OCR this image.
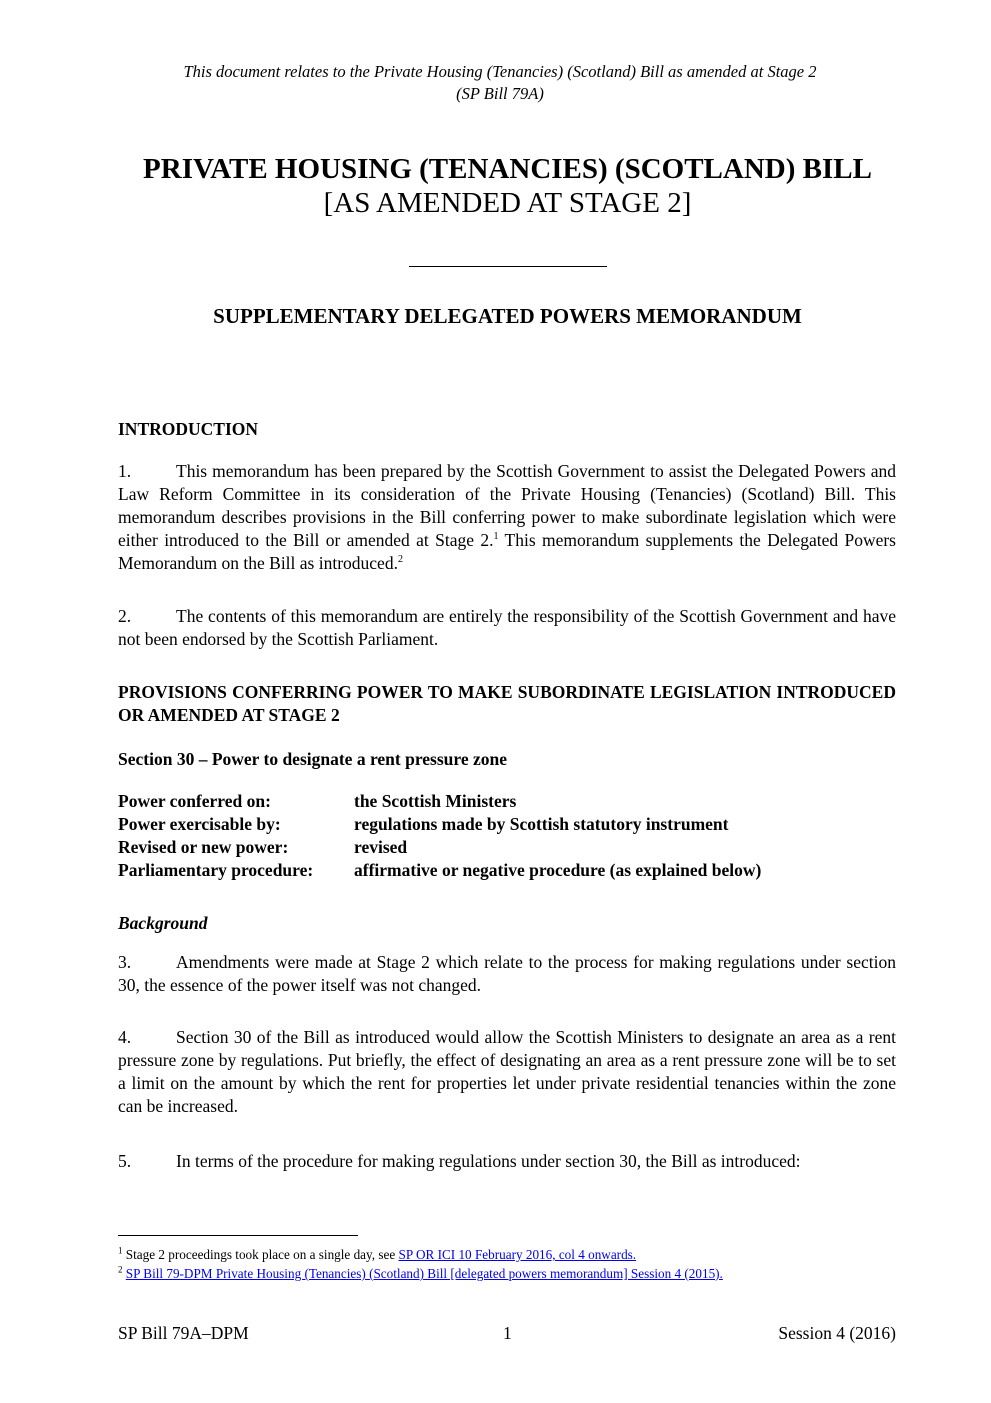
This document relates to the Private Housing (Tenancies) (Scotland) Bill as amended at Stage 2
(SP Bill 79A)
PRIVATE HOUSING (TENANCIES) (SCOTLAND) BILL
[AS AMENDED AT STAGE 2]
SUPPLEMENTARY DELEGATED POWERS MEMORANDUM
INTRODUCTION
1.	This memorandum has been prepared by the Scottish Government to assist the Delegated Powers and Law Reform Committee in its consideration of the Private Housing (Tenancies) (Scotland) Bill. This memorandum describes provisions in the Bill conferring power to make subordinate legislation which were either introduced to the Bill or amended at Stage 2.$^1$ This memorandum supplements the Delegated Powers Memorandum on the Bill as introduced.$^2$
2.	The contents of this memorandum are entirely the responsibility of the Scottish Government and have not been endorsed by the Scottish Parliament.
PROVISIONS CONFERRING POWER TO MAKE SUBORDINATE LEGISLATION INTRODUCED OR AMENDED AT STAGE 2
Section 30 – Power to designate a rent pressure zone
Power conferred on:	the Scottish Ministers
Power exercisable by:	regulations made by Scottish statutory instrument
Revised or new power:	revised
Parliamentary procedure:	affirmative or negative procedure (as explained below)
Background
3.	Amendments were made at Stage 2 which relate to the process for making regulations under section 30, the essence of the power itself was not changed.
4.	Section 30 of the Bill as introduced would allow the Scottish Ministers to designate an area as a rent pressure zone by regulations. Put briefly, the effect of designating an area as a rent pressure zone will be to set a limit on the amount by which the rent for properties let under private residential tenancies within the zone can be increased.
5.	In terms of the procedure for making regulations under section 30, the Bill as introduced:
$^1$ Stage 2 proceedings took place on a single day, see SP OR ICI 10 February 2016, col 4 onwards.
$^2$ SP Bill 79-DPM Private Housing (Tenancies) (Scotland) Bill [delegated powers memorandum] Session 4 (2015).
SP Bill 79A–DPM	1	Session 4 (2016)
